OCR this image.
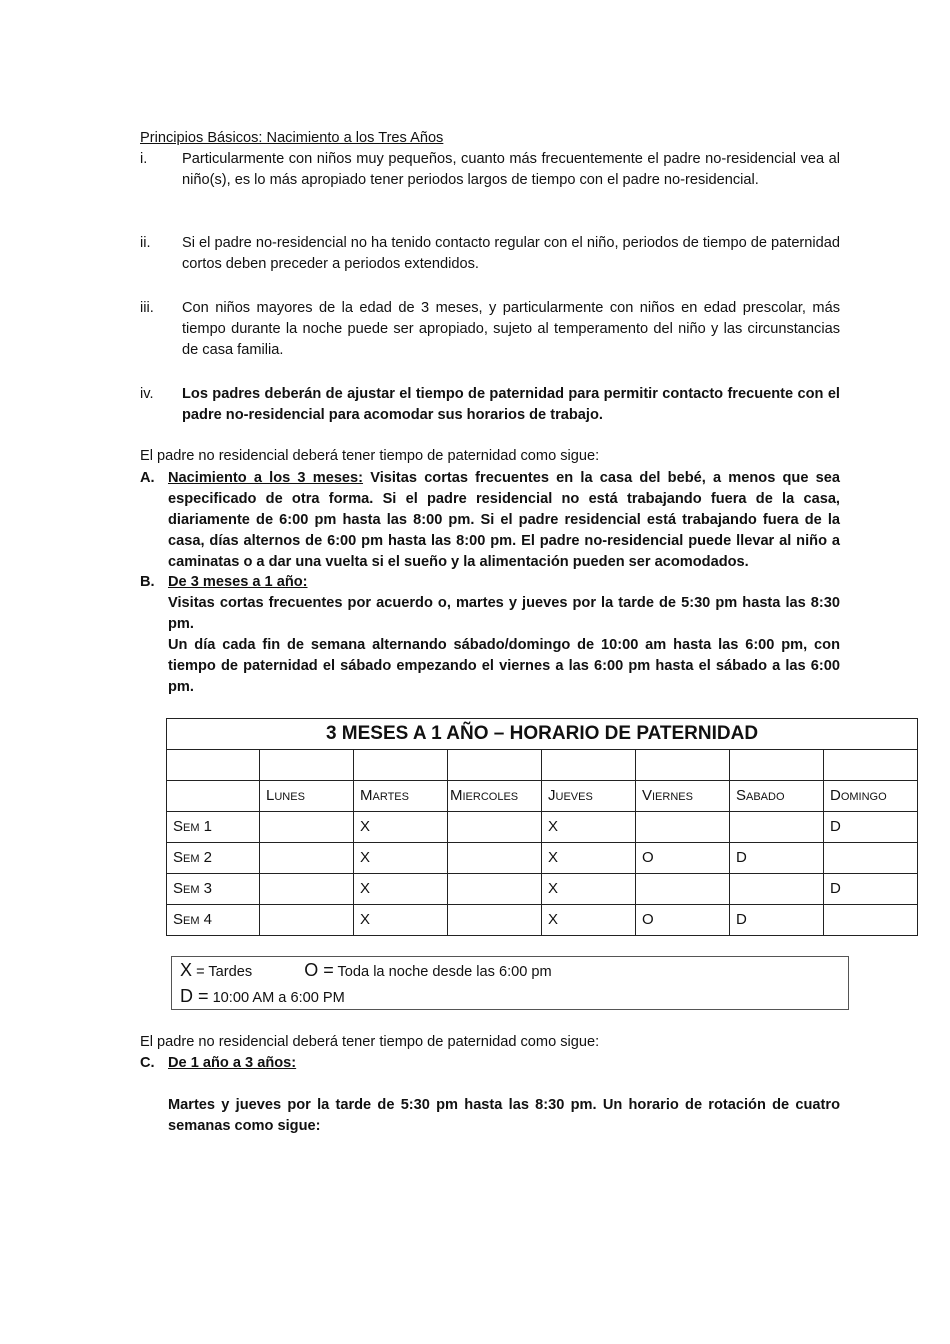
Principios Básicos: Nacimiento a los Tres Años
i.	Particularmente con niños muy pequeños, cuanto más frecuentemente el padre no-residencial vea al niño(s), es lo más apropiado tener periodos largos de tiempo con el padre no-residencial.
ii.	Si el padre no-residencial no ha tenido contacto regular con el niño, periodos de tiempo de paternidad cortos deben preceder a periodos extendidos.
iii.	Con niños mayores de la edad de 3 meses, y particularmente con niños en edad prescolar, más tiempo durante la noche puede ser apropiado, sujeto al temperamento del niño y las circunstancias de casa familia.
iv.	Los padres deberán de ajustar el tiempo de paternidad para permitir contacto frecuente con el padre no-residencial para acomodar sus horarios de trabajo.
El padre no residencial deberá tener tiempo de paternidad como sigue:
A. Nacimiento a los 3 meses: Visitas cortas frecuentes en la casa del bebé, a menos que sea especificado de otra forma. Si el padre residencial no está trabajando fuera de la casa, diariamente de 6:00 pm hasta las 8:00 pm. Si el padre residencial está trabajando fuera de la casa, días alternos de 6:00 pm hasta las 8:00 pm. El padre no-residencial puede llevar al niño a caminatas o a dar una vuelta si el sueño y la alimentación pueden ser acomodados.
B. De 3 meses a 1 año:
Visitas cortas frecuentes por acuerdo o, martes y jueves por la tarde de 5:30 pm hasta las 8:30 pm.
Un día cada fin de semana alternando sábado/domingo de 10:00 am hasta las 6:00 pm, con tiempo de paternidad el sábado empezando el viernes a las 6:00 pm hasta el sábado a las 6:00 pm.
3 MESES A 1 AÑO – HORARIO DE PATERNIDAD							

	Lunes	Martes	Miercoles	Jueves	Viernes	Sabado	Domingo
Sem 1		X		X			D
Sem 2		X		X	O	D	
Sem 3		X		X			D
Sem 4		X		X	O	D	
X = Tardes	O = Toda la noche desde las 6:00 pm
D = 10:00 AM a 6:00 PM
El padre no residencial deberá tener tiempo de paternidad como sigue:
C. De 1 año a 3 años:
Martes y jueves por la tarde de 5:30 pm hasta las 8:30 pm. Un horario de rotación de cuatro semanas como sigue:
